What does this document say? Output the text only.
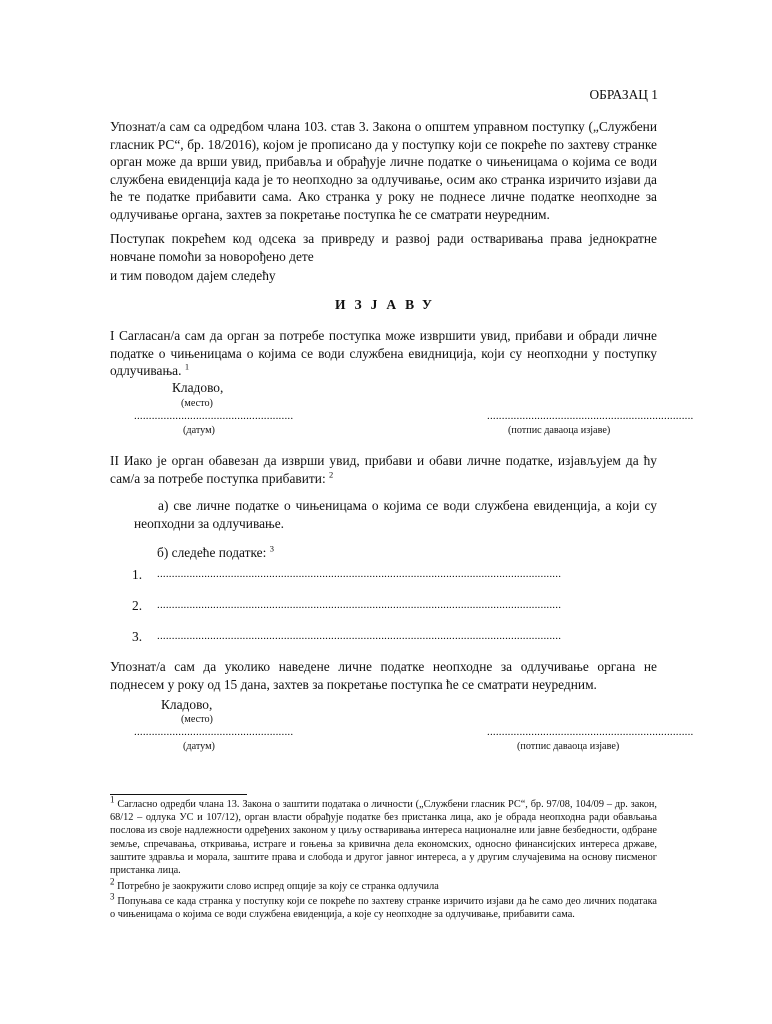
ОБРАЗАЦ 1
Упознат/а сам са одредбом члана 103. став 3. Закона о општем управном поступку („Службени гласник РС“, бр. 18/2016), којом је прописано да у поступку који се покреће по захтеву странке орган може да врши увид, прибавља и обрађује личне податке о чињеницама о којима се води службена евиденција када је то неопходно за одлучивање, осим ако странка изричито изјави да ће те податке прибавити сама. Ако странка у року не поднесе личне податке неопходне за одлучивање органа, захтев за покретање поступка ће се сматрати неуредним.
Поступак покрећем код одсека за привреду и развој ради остваривања права једнократне новчане помоћи за новорођено дете
и тим поводом дајем следећу
ИЗЈАВУ
I Сагласан/а сам да орган за потребе поступка може извршити увид, прибави и обради личне податке о чињеницама о којима се води службена евидниција, који су неопходни у поступку одлучивања. $^1$
Кладово,
(место)
......................................................
(датум)
......................................................................
(потпис даваоца изјаве)
II Иако је орган обавезан да изврши увид, прибави и обави личне податке, изјављујем да ћу сам/а за потребе поступка прибавити: $^2$
а) све личне податке о чињеницама о којима се води службена евиденција, а који су неопходни за одлучивање.
б) следеће податке: $^3$
1. .........................................................................................................................................
2. .........................................................................................................................................
3. .........................................................................................................................................
Упознат/а сам да уколико наведене личне податке неопходне за одлучивање органа не поднесем у року од 15 дана, захтев за покретање поступка ће се сматрати неуредним.
Кладово,
(место)
......................................................
(датум)
......................................................................
(потпис даваоца изјаве)
1 Сагласно одредби члана 13. Закона о заштити података о личности („Службени гласник РС“, бр. 97/08, 104/09 – др. закон, 68/12 – одлука УС и 107/12), орган власти обрађује податке без пристанка лица, ако је обрада неопходна ради обављања послова из своје надлежности одређених законом у циљу остваривања интереса националне или јавне безбедности, одбране земље, спречавања, откривања, истраге и гоњења за кривична дела економских, односно финансијских интереса државе, заштите здравља и морала, заштите права и слобода и другог јавног интереса, а у другим случајевима на основу писменог пристанка лица.
2 Потребно је заокружити слово испред опције за коју се странка одлучила
3 Попуњава се када странка у поступку који се покреће по захтеву странке изричито изјави да ће само део личних података о чињеницама о којима се води службена евиденција, а које су неопходне за одлучивање, прибавити сама.
